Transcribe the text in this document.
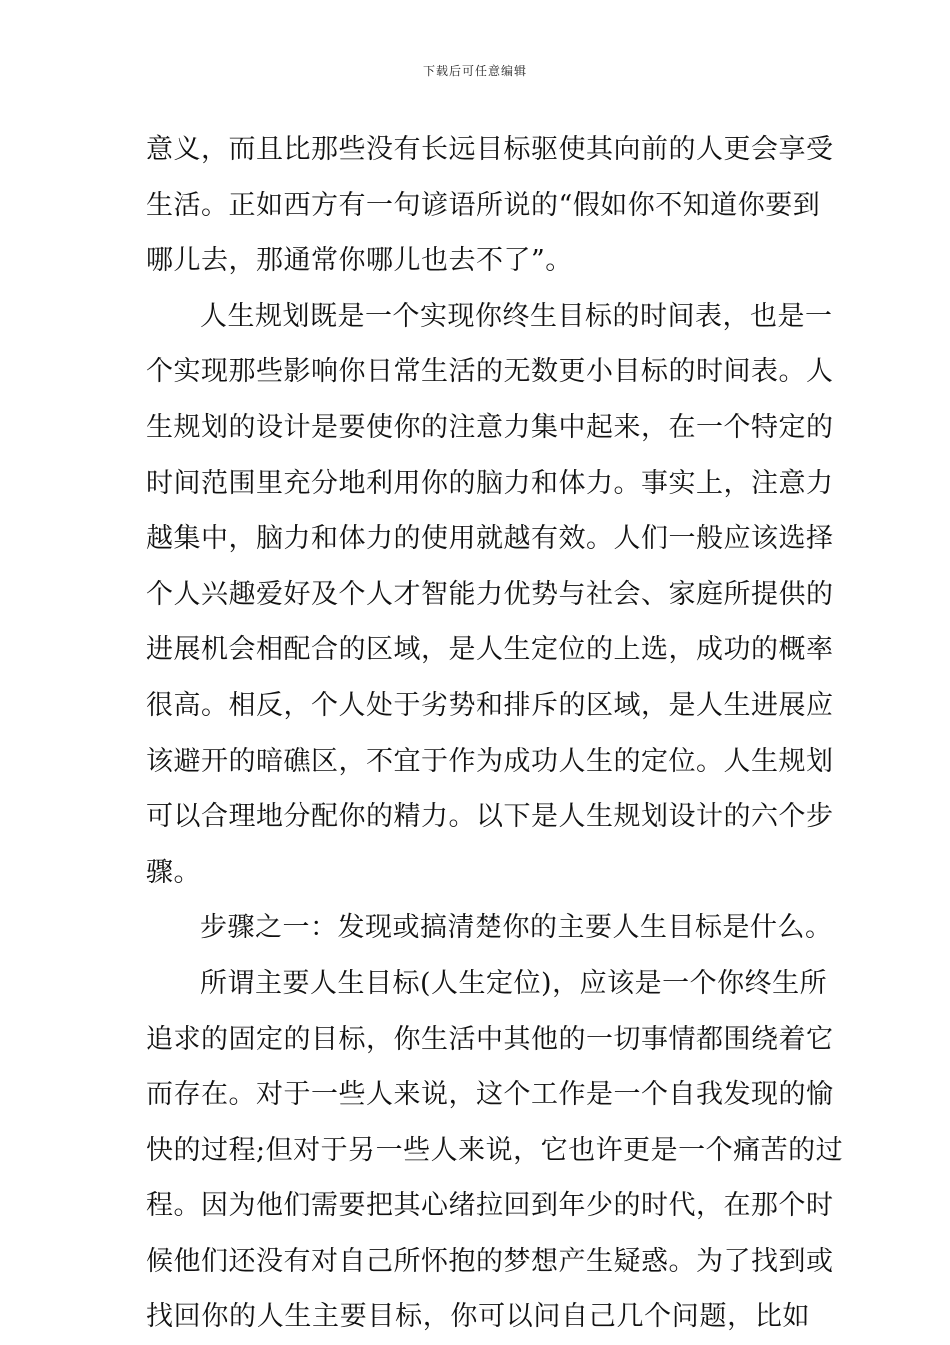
下载后可任意编辑
意义，而且比那些没有长远目标驱使其向前的人更会享受
生活。正如西方有一句谚语所说的“假如你不知道你要到
哪儿去，那通常你哪儿也去不了”。
人生规划既是一个实现你终生目标的时间表，也是一
个实现那些影响你日常生活的无数更小目标的时间表。人
生规划的设计是要使你的注意力集中起来，在一个特定的
时间范围里充分地利用你的脑力和体力。事实上，注意力
越集中，脑力和体力的使用就越有效。人们一般应该选择
个人兴趣爱好及个人才智能力优势与社会、家庭所提供的
进展机会相配合的区域，是人生定位的上选，成功的概率
很高。相反，个人处于劣势和排斥的区域，是人生进展应
该避开的暗礁区，不宜于作为成功人生的定位。人生规划
可以合理地分配你的精力。以下是人生规划设计的六个步
骤。
步骤之一：发现或搞清楚你的主要人生目标是什么。
所谓主要人生目标(人生定位)，应该是一个你终生所
追求的固定的目标，你生活中其他的一切事情都围绕着它
而存在。对于一些人来说，这个工作是一个自我发现的愉
快的过程;但对于另一些人来说，它也许更是一个痛苦的过
程。因为他们需要把其心绪拉回到年少的时代，在那个时
候他们还没有对自己所怀抱的梦想产生疑惑。为了找到或
找回你的人生主要目标，你可以问自己几个问题，比如
